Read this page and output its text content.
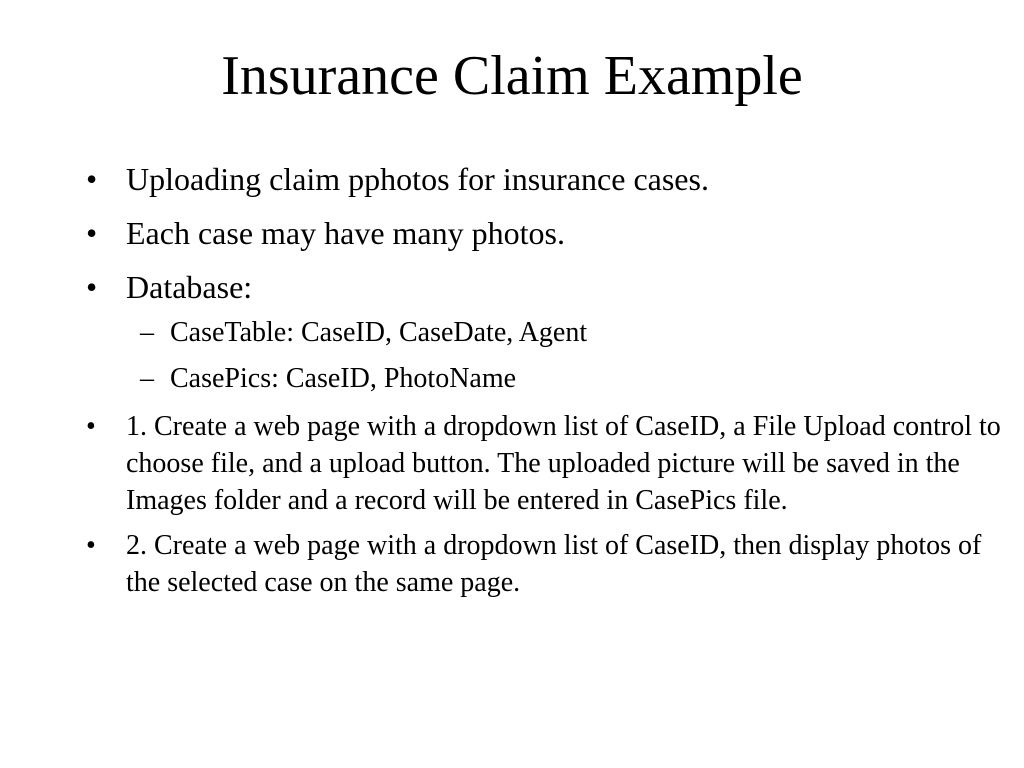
Insurance Claim Example
• Uploading claim pphotos for insurance cases.
• Each case may have many photos.
• Database:
– CaseTable: CaseID, CaseDate, Agent
– CasePics: CaseID, PhotoName
• 1. Create a web page with a dropdown list of CaseID, a File Upload control to choose file, and a upload button. The uploaded picture will be saved in the Images folder and a record will be entered in CasePics file.
• 2. Create a web page with a dropdown list of CaseID, then display photos of the selected case on the same page.
